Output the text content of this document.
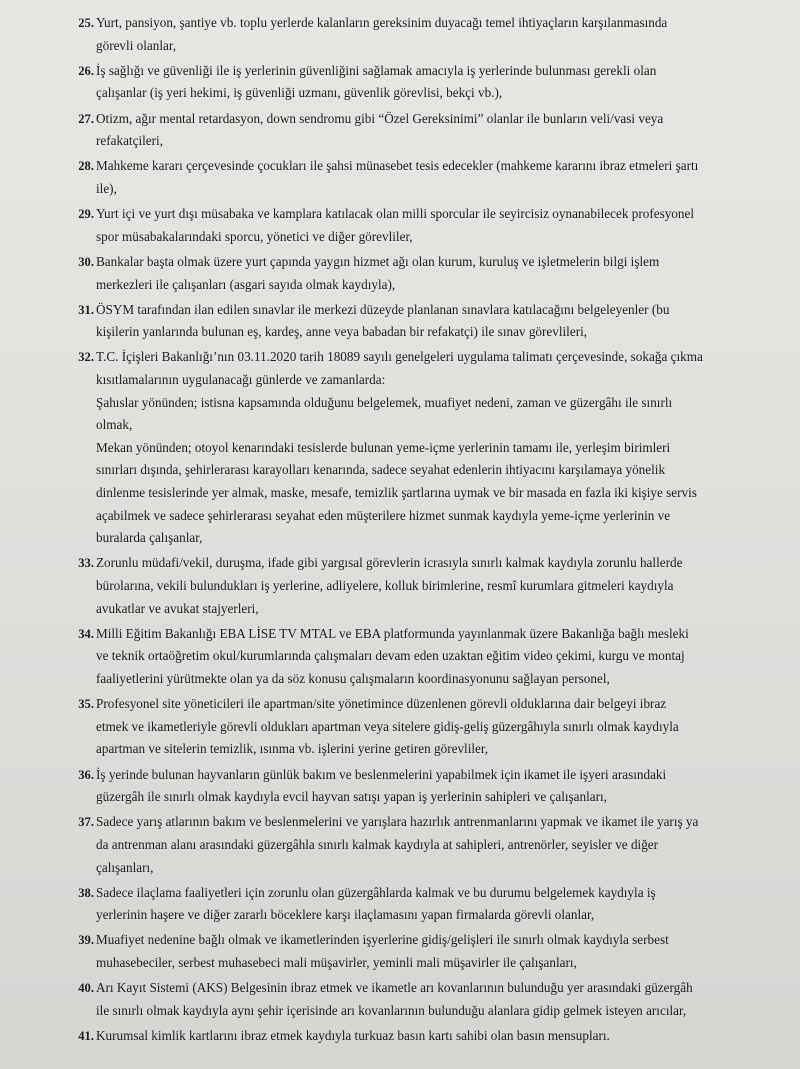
25. Yurt, pansiyon, şantiye vb. toplu yerlerde kalanların gereksinim duyacağı temel ihtiyaçların karşılanmasında
görevli olanlar,
26. İş sağlığı ve güvenliği ile iş yerlerinin güvenliğini sağlamak amacıyla iş yerlerinde bulunması gerekli olan
çalışanlar (iş yeri hekimi, iş güvenliği uzmanı, güvenlik görevlisi, bekçi vb.),
27. Otizm, ağır mental retardasyon, down sendromu gibi “Özel Gereksinimi” olanlar ile bunların veli/vasi veya
refakatçileri,
28. Mahkeme kararı çerçevesinde çocukları ile şahsi münasebet tesis edecekler (mahkeme kararını ibraz etmeleri şartı
ile),
29. Yurt içi ve yurt dışı müsabaka ve kamplara katılacak olan milli sporcular ile seyircisiz oynanabilecek profesyonel
spor müsabakalarındaki sporcu, yönetici ve diğer görevliler,
30. Bankalar başta olmak üzere yurt çapında yaygın hizmet ağı olan kurum, kuruluş ve işletmelerin bilgi işlem
merkezleri ile çalışanları (asgari sayıda olmak kaydıyla),
31. ÖSYM tarafından ilan edilen sınavlar ile merkezi düzeyde planlanan sınavlara katılacağını belgeleyenler (bu
kişilerin yanlarında bulunan eş, kardeş, anne veya babadan bir refakatçi) ile sınav görevlileri,
32. T.C. İçişleri Bakanlığı’nın 03.11.2020 tarih 18089 sayılı genelgeleri uygulama talimatı çerçevesinde, sokağa çıkma
kısıtlamalarının uygulanacağı günlerde ve zamanlarda:
Şahıslar yönünden; istisna kapsamında olduğunu belgelemek, muafiyet nedeni, zaman ve güzergâhı ile sınırlı
olmak,
Mekan yönünden; otoyol kenarındaki tesislerde bulunan yeme-içme yerlerinin tamamı ile, yerleşim birimleri
sınırları dışında, şehirlerarası karayolları kenarında, sadece seyahat edenlerin ihtiyacını karşılamaya yönelik
dinlenme tesislerinde yer almak, maske, mesafe, temizlik şartlarına uymak ve bir masada en fazla iki kişiye servis
açabilmek ve sadece şehirlerarası seyahat eden müşterilere hizmet sunmak kaydıyla yeme-içme yerlerinin ve
buralarda çalışanlar,
33. Zorunlu müdafi/vekil, duruşma, ifade gibi yargısal görevlerin icrasıyla sınırlı kalmak kaydıyla zorunlu hallerde
bürolarına, vekili bulundukları iş yerlerine, adliyelere, kolluk birimlerine, resmî kurumlara gitmeleri kaydıyla
avukatlar ve avukat stajyerleri,
34. Milli Eğitim Bakanlığı EBA LİSE TV MTAL ve EBA platformunda yayınlanmak üzere Bakanlığa bağlı mesleki
ve teknik ortaöğretim okul/kurumlarında çalışmaları devam eden uzaktan eğitim video çekimi, kurgu ve montaj
faaliyetlerini yürütmekte olan ya da söz konusu çalışmaların koordinasyonunu sağlayan personel,
35. Profesyonel site yöneticileri ile apartman/site yönetimince düzenlenen görevli olduklarına dair belgeyi ibraz
etmek ve ikametleriyle görevli oldukları apartman veya sitelere gidiş-geliş güzergâhıyla sınırlı olmak kaydıyla
apartman ve sitelerin temizlik, ısınma vb. işlerini yerine getiren görevliler,
36. İş yerinde bulunan hayvanların günlük bakım ve beslenmelerini yapabilmek için ikamet ile işyeri arasındaki
güzergâh ile sınırlı olmak kaydıyla evcil hayvan satışı yapan iş yerlerinin sahipleri ve çalışanları,
37. Sadece yarış atlarının bakım ve beslenmelerini ve yarışlara hazırlık antrenmanlarını yapmak ve ikamet ile yarış ya
da antrenman alanı arasındaki güzergâhla sınırlı kalmak kaydıyla at sahipleri, antrenörler, seyisler ve diğer
çalışanları,
38. Sadece ilaçlama faaliyetleri için zorunlu olan güzergâhlarda kalmak ve bu durumu belgelemek kaydıyla iş
yerlerinin haşere ve diğer zararlı böceklere karşı ilaçlamasını yapan firmalarda görevli olanlar,
39. Muafiyet nedenine bağlı olmak ve ikametlerinden işyerlerine gidiş/gelişleri ile sınırlı olmak kaydıyla serbest
muhasebeciler, serbest muhasebeci mali müşavirler, yeminli mali müşavirler ile çalışanları,
40. Arı Kayıt Sistemi (AKS) Belgesinin ibraz etmek ve ikametle arı kovanlarının bulunduğu yer arasındaki güzergâh
ile sınırlı olmak kaydıyla aynı şehir içerisinde arı kovanlarının bulunduğu alanlara gidip gelmek isteyen arıcılar,
41. Kurumsal kimlik kartlarını ibraz etmek kaydıyla turkuaz basın kartı sahibi olan basın mensupları.
